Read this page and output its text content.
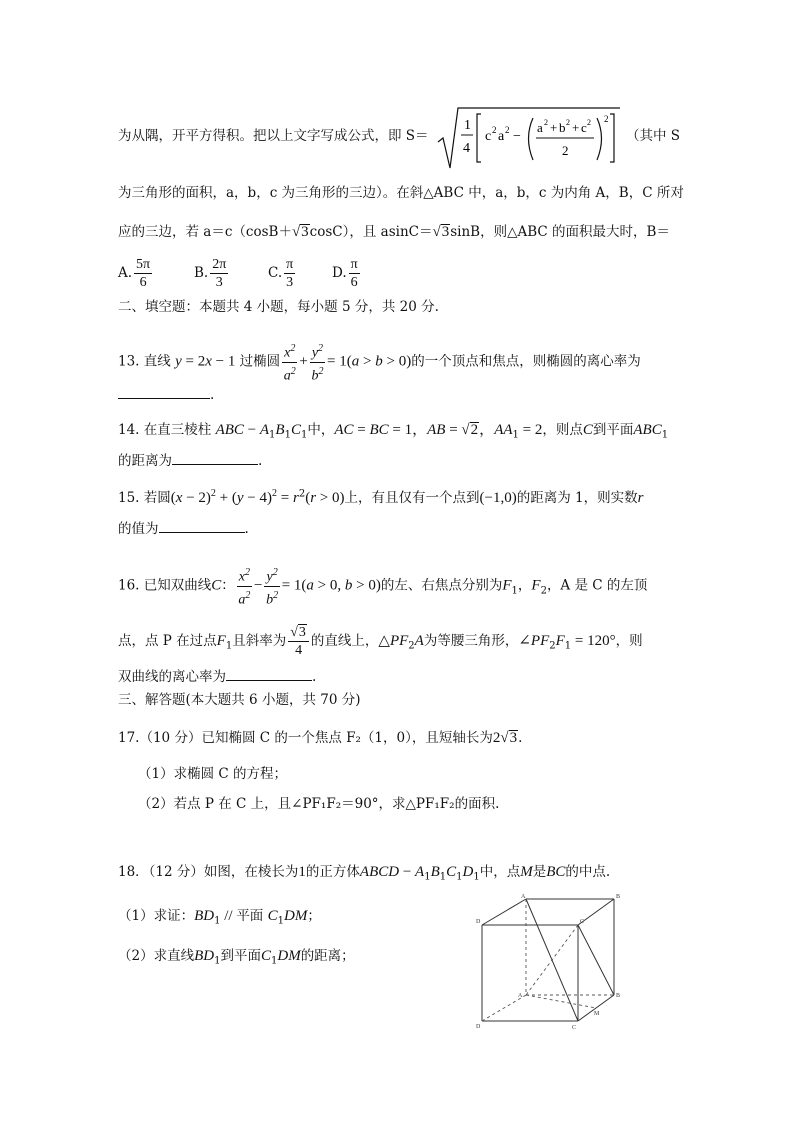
为从隅，开平方得积。把以上文字写成公式，即 S＝
1
4
c 2 a 2 −
a 2 + b 2 + c 2
2
2
（其中 S
为三角形的面积，a，b，c 为三角形的三边）。在斜△ABC 中，a，b，c 为内角 A，B，C 所对
应的三边，若 a＝c（cosB＋√3cosC），且 asinC＝√3sinB，则△ABC 的面积最大时，B＝
A. $\frac{5\pi}{6}$	B. $\frac{2\pi}{3}$	C. $\frac{\pi}{3}$	D. $\frac{\pi}{6}$
二、填空题：本题共 4 小题，每小题 5 分，共 20 分.
13. 直线 y = 2x − 1 过椭圆 $\frac{x^2}{a^2} + \frac{y^2}{b^2} = 1(a > b > 0)$的一个顶点和焦点，则椭圆的离心率为
.
14. 在直三棱柱 ABC − $A_1B_1C_1$中，AC = BC = 1，AB = √2，$AA_1 = 2$，则点C到平面$ABC_1$
的距离为	.
15. 若圆$(x - 2)^2 + (y - 4)^2 = r^2(r > 0)$上，有且仅有一个点到(−1,0)的距离为 1，则实数r
的值为	.
16. 已知双曲线C： $\frac{x^2}{a^2} - \frac{y^2}{b^2} = 1(a > 0$, b > 0)的左、右焦点分别为$F_1$，$F_2$，A 是 C 的左顶
点，点 P 在过点$F_1$且斜率为 $\frac{√3}{4}$ 的直线上，$\triangle PF_2A$为等腰三角形，$\angle PF_2F_1 = 120^\circ$，则
双曲线的离心率为	.
三、解答题(本大题共 6 小题，共 70 分)
17.（10 分）已知椭圆 C 的一个焦点 F₂（1，0），且短轴长为2√3.
（1）求椭圆 C 的方程；
（2）若点 P 在 C 上，且∠PF₁F₂＝90°，求△PF₁F₂的面积.
18．（12 分）如图，在棱长为1的正方体ABCD − $A_1B_1C_1D_1$中，点M是BC的中点.
（1）求证：$BD_1$ // 平面 $C_1DM$；
（2）求直线$BD_1$到平面$C_1DM$的距离；
D
A
C
B
D
A
C
B
M
